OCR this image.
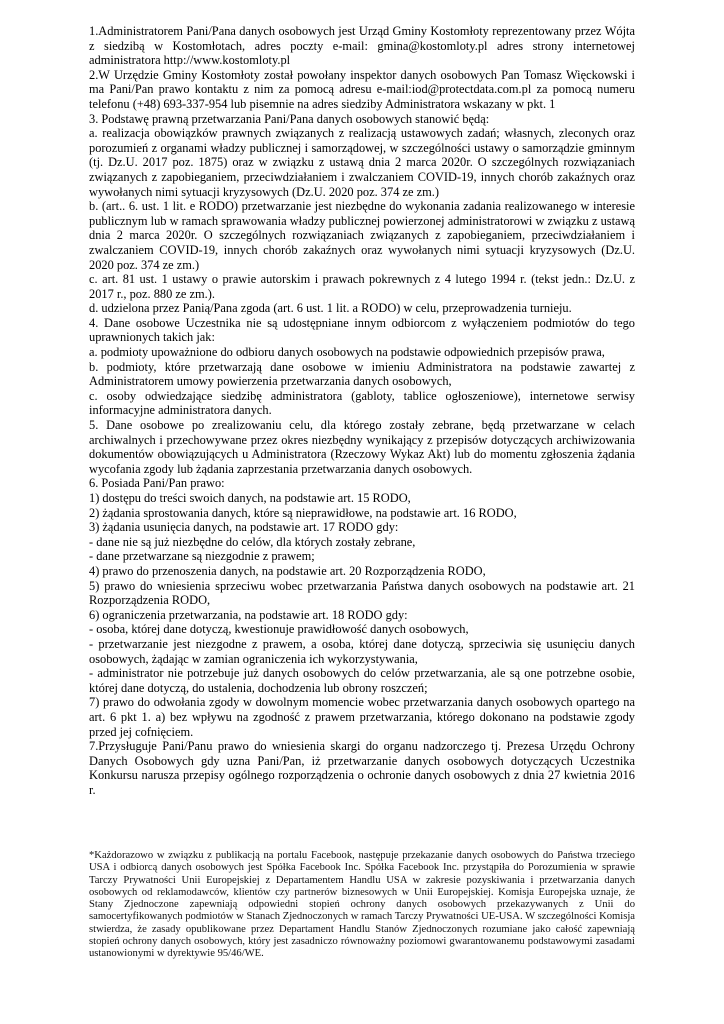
1.Administratorem Pani/Pana danych osobowych jest Urząd Gminy Kostomłoty reprezentowany przez Wójta z siedzibą w Kostomłotach, adres poczty e-mail: gmina@kostomloty.pl adres strony internetowej administratora http://www.kostomloty.pl

2.W Urzędzie Gminy Kostomłoty został powołany inspektor danych osobowych Pan Tomasz Więckowski i ma Pani/Pan prawo kontaktu z nim za pomocą adresu e-mail:iod@protectdata.com.pl za pomocą numeru telefonu (+48) 693-337-954 lub pisemnie na adres siedziby Administratora wskazany w pkt. 1

3. Podstawę prawną przetwarzania Pani/Pana danych osobowych stanowić będą:

a. realizacja obowiązków prawnych związanych z realizacją ustawowych zadań; własnych, zleconych oraz porozumień z organami władzy publicznej i samorządowej, w szczególności ustawy o samorządzie gminnym (tj. Dz.U. 2017 poz. 1875) oraz w związku z ustawą dnia 2 marca 2020r. O szczególnych rozwiązaniach związanych z zapobieganiem, przeciwdziałaniem i zwalczaniem COVID-19, innych chorób zakaźnych oraz wywołanych nimi sytuacji kryzysowych (Dz.U. 2020 poz. 374 ze zm.)

b. (art.. 6. ust. 1 lit. e RODO) przetwarzanie jest niezbędne do wykonania zadania realizowanego w interesie publicznym lub w ramach sprawowania władzy publicznej powierzonej administratorowi w związku z ustawą dnia 2 marca 2020r. O szczególnych rozwiązaniach związanych z zapobieganiem, przeciwdziałaniem i zwalczaniem COVID-19, innych chorób zakaźnych oraz wywołanych nimi sytuacji kryzysowych (Dz.U. 2020 poz. 374 ze zm.)

c. art. 81 ust. 1 ustawy o prawie autorskim i prawach pokrewnych z 4 lutego 1994 r. (tekst jedn.: Dz.U. z 2017 r., poz. 880 ze zm.).

d. udzielona przez Panią/Pana zgoda (art. 6 ust. 1 lit. a RODO) w celu, przeprowadzenia turnieju.

4. Dane osobowe Uczestnika nie są udostępniane innym odbiorcom z wyłączeniem podmiotów do tego uprawnionych takich jak:

a. podmioty upoważnione do odbioru danych osobowych na podstawie odpowiednich przepisów prawa,

b. podmioty, które przetwarzają dane osobowe w imieniu Administratora na podstawie zawartej z Administratorem umowy powierzenia przetwarzania danych osobowych,

c. osoby odwiedzające siedzibę administratora (gabloty, tablice ogłoszeniowe), internetowe serwisy informacyjne administratora danych.

5. Dane osobowe po zrealizowaniu celu, dla którego zostały zebrane, będą przetwarzane w celach archiwalnych i przechowywane przez okres niezbędny wynikający z przepisów dotyczących archiwizowania dokumentów obowiązujących u Administratora (Rzeczowy Wykaz Akt) lub do momentu zgłoszenia żądania wycofania zgody lub żądania zaprzestania przetwarzania danych osobowych.

6. Posiada Pani/Pan prawo:

1) dostępu do treści swoich danych, na podstawie art. 15 RODO,

2) żądania sprostowania danych, które są nieprawidłowe, na podstawie art. 16 RODO,

3) żądania usunięcia danych, na podstawie art. 17 RODO gdy:

- dane nie są już niezbędne do celów, dla których zostały zebrane,

- dane przetwarzane są niezgodnie z prawem;

4) prawo do przenoszenia danych, na podstawie art. 20 Rozporządzenia RODO,

5) prawo do wniesienia sprzeciwu wobec przetwarzania Państwa danych osobowych na podstawie art. 21 Rozporządzenia RODO,

6) ograniczenia przetwarzania, na podstawie art. 18 RODO gdy:

- osoba, której dane dotyczą, kwestionuje prawidłowość danych osobowych,

- przetwarzanie jest niezgodne z prawem, a osoba, której dane dotyczą, sprzeciwia się usunięciu danych osobowych, żądając w zamian ograniczenia ich wykorzystywania,

- administrator nie potrzebuje już danych osobowych do celów przetwarzania, ale są one potrzebne osobie, której dane dotyczą, do ustalenia, dochodzenia lub obrony roszczeń;

7) prawo do odwołania zgody w dowolnym momencie wobec przetwarzania danych osobowych opartego na art. 6 pkt 1. a) bez wpływu na zgodność z prawem przetwarzania, którego dokonano na podstawie zgody przed jej cofnięciem.

7.Przysługuje Pani/Panu prawo do wniesienia skargi do organu nadzorczego tj. Prezesa Urzędu Ochrony Danych Osobowych gdy uzna Pani/Pan, iż przetwarzanie danych osobowych dotyczących Uczestnika Konkursu narusza przepisy ogólnego rozporządzenia o ochronie danych osobowych z dnia 27 kwietnia 2016 r.

*Każdorazowo w związku z publikacją na portalu Facebook, następuje przekazanie danych osobowych do Państwa trzeciego USA i odbiorcą danych osobowych jest Spółka Facebook Inc. Spółka Facebook Inc. przystąpiła do Porozumienia w sprawie Tarczy Prywatności Unii Europejskiej z Departamentem Handlu USA w zakresie pozyskiwania i przetwarzania danych osobowych od reklamodawców, klientów czy partnerów biznesowych w Unii Europejskiej. Komisja Europejska uznaje, że Stany Zjednoczone zapewniają odpowiedni stopień ochrony danych osobowych przekazywanych z Unii do samocertyfikowanych podmiotów w Stanach Zjednoczonych w ramach Tarczy Prywatności UE-USA. W szczególności Komisja stwierdza, że zasady opublikowane przez Departament Handlu Stanów Zjednoczonych rozumiane jako całość zapewniają stopień ochrony danych osobowych, który jest zasadniczo równoważny poziomowi gwarantowanemu podstawowymi zasadami ustanowionymi w dyrektywie 95/46/WE.
